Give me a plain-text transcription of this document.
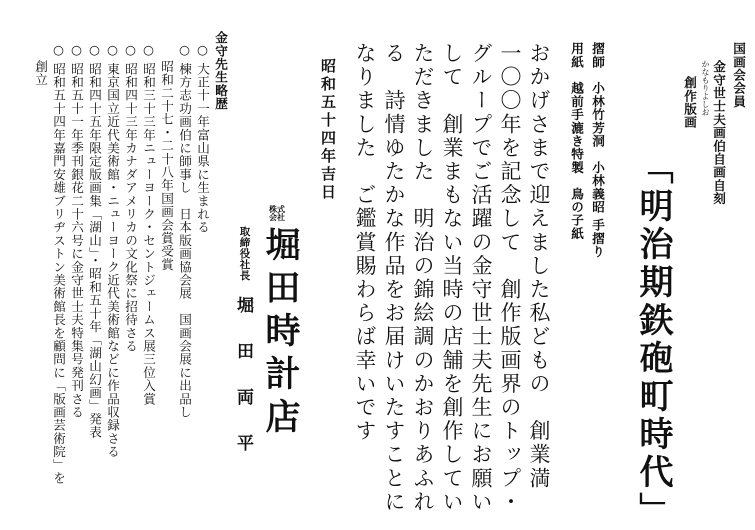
国画会会員
かなもりよしお 金守世士夫画伯自画自刻
創作版画
「明治期鉄砲町時代」
摺師　小林竹芳洞　小林義昭 手摺り
用紙　越前手漉き特製　鳥の子紙
おかげさまで迎えました私どもの　創業満
一〇〇年を記念して　創作版画界のトップ・
グループでご活躍の金守世士夫先生にお願い
して　創業まもない当時の店舗を創作してい
ただきました　明治の錦絵調のかおりあふれ
る　詩情ゆたかな作品をお届けいたすことに
なりました　ご鑑賞賜わらば幸いです
昭和五十四年吉日
株式
会社
堀田時計店
取締役社長
堀　田　両　平
金守先生略歴
○ 大正十一年富山県に生まれる
○ 棟方志功画伯に師事し　日本版画協会展　国画会展に出品し
　 昭和二十七・二十八年国画会賞受賞
○ 昭和三十三年ニューヨーク・セントジェームス展三位入賞
○ 昭和四十三年カナダアメリカの文化祭に招待さる
○ 東京国立近代美術館・ニューヨーク近代美術館などに作品収録さる
○ 昭和四十五年限定版画集「湖山」・昭和五十年「湖山幻画」発表
○ 昭和五十一年季刊銀花二十六号に金守世士夫特集号発刊さる
○ 昭和五十四年嘉門安雄ブリヂストン美術館長を顧問に「版画芸術院」を
　 創立
